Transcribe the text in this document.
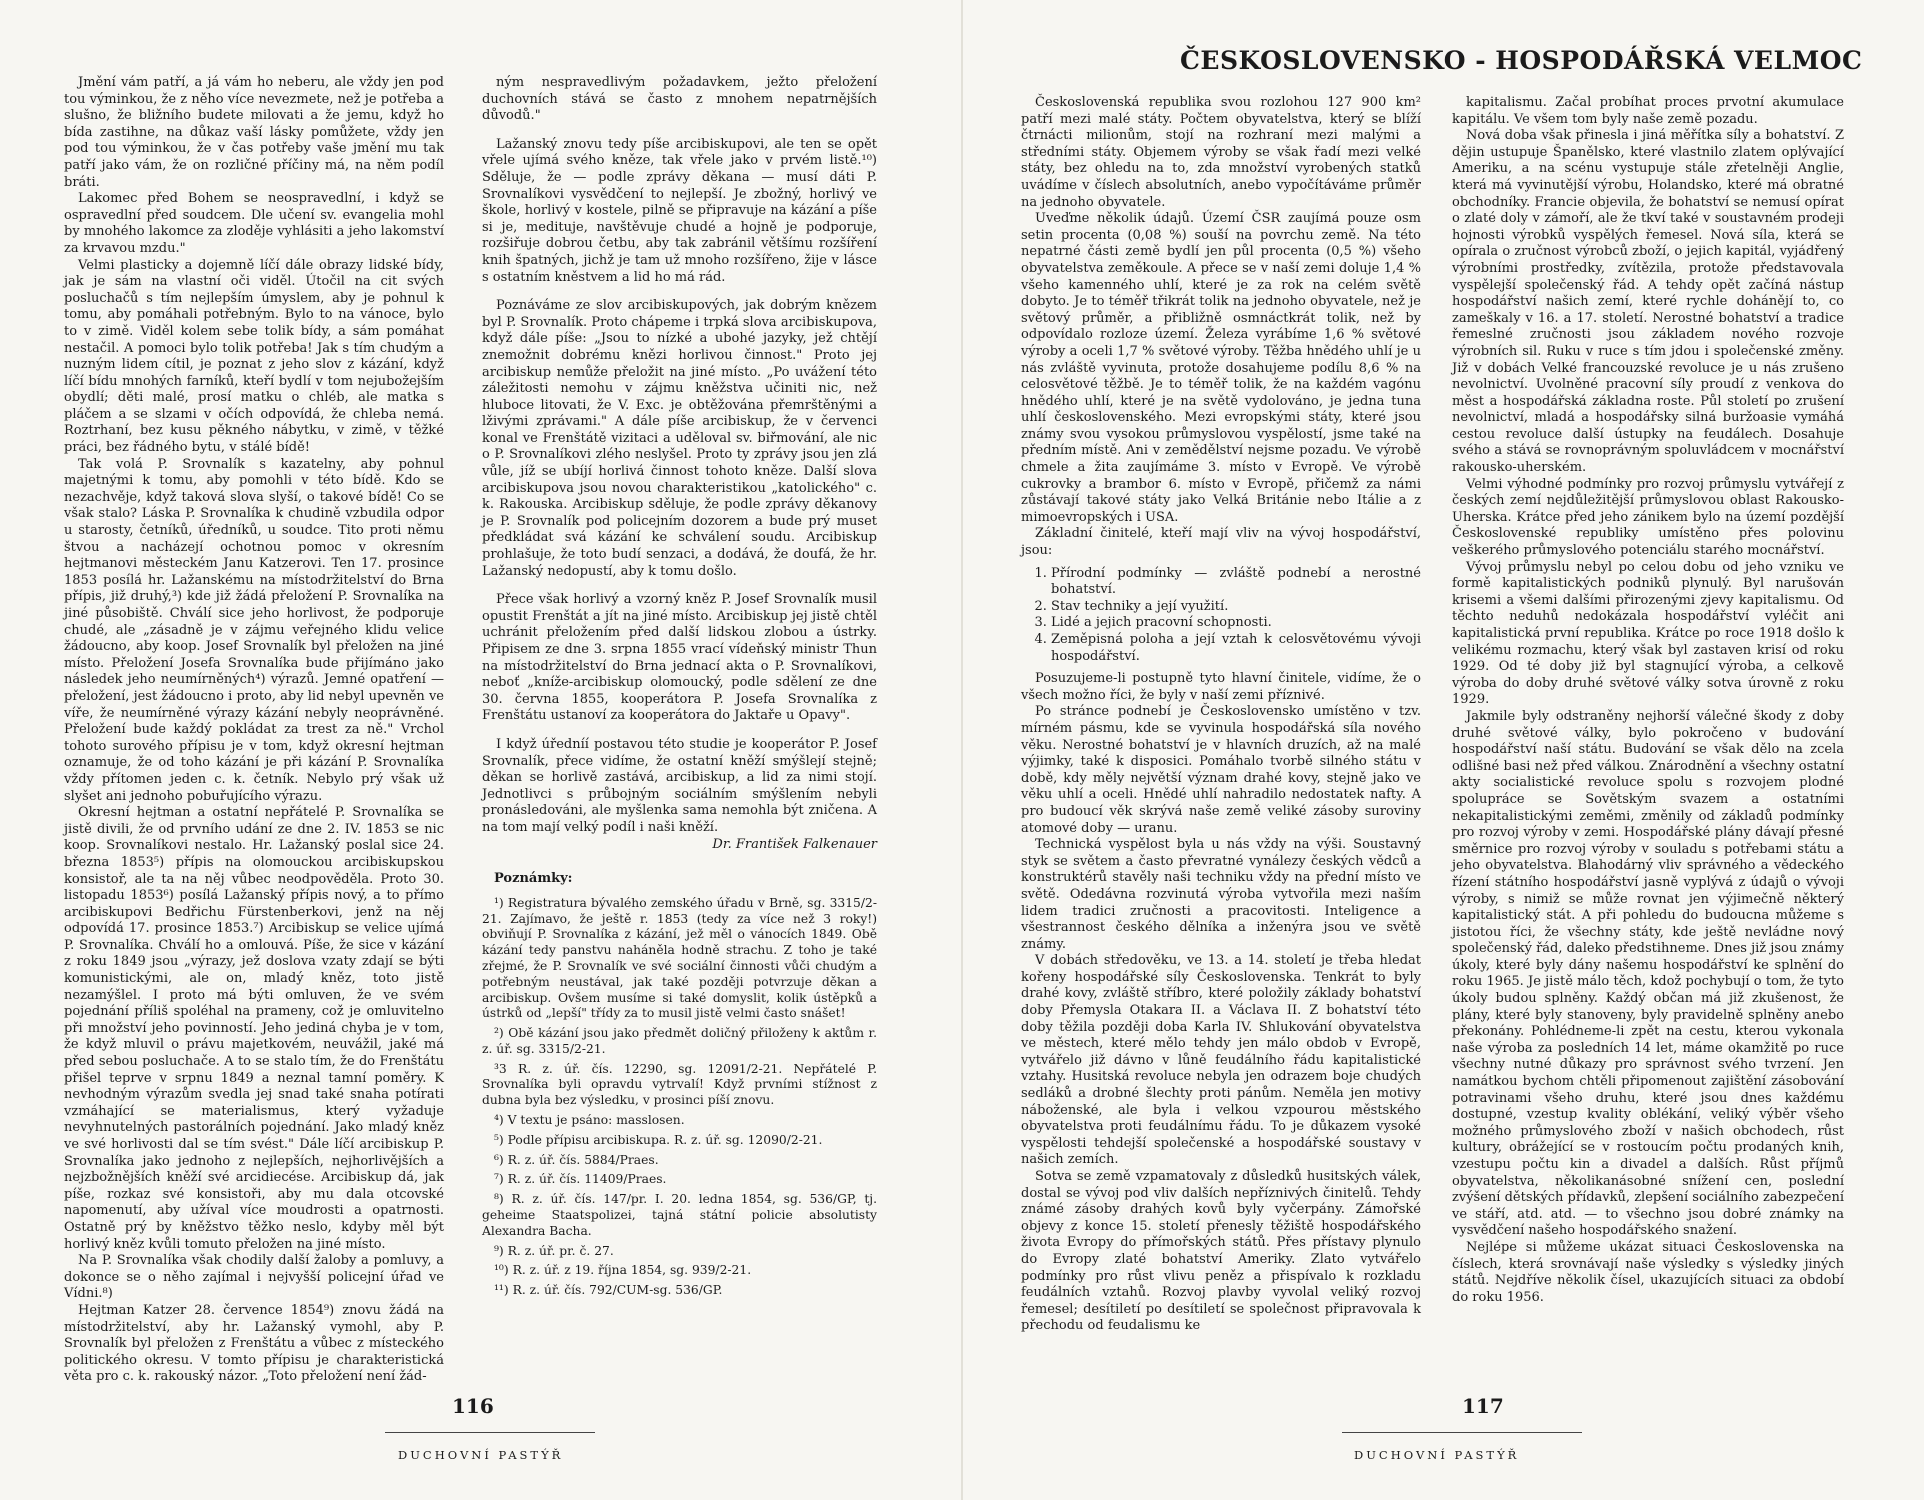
Jmění vám patří, a já vám ho neberu, ale vždy jen pod tou výminkou, že z něho více nevezmete, než je potřeba a slušno, že bližního budete milovati a že jemu, když ho bída zastihne, na důkaz vaší lásky pomůžete, vždy jen pod tou výminkou, že v čas potřeby vaše jmění mu tak patří jako vám, že on rozličné příčiny má, na něm podíl bráti.

Lakomec před Bohem se neospravedlní, i když se ospravedlní před soudcem. Dle učení sv. evangelia mohl by mnohého lakomce za zloděje vyhlásiti a jeho lakomství za krvavou mzdu."

Velmi plasticky a dojemně líčí dále obrazy lidské bídy, jak je sám na vlastní oči viděl. Útočil na cit svých posluchačů s tím nejlepším úmyslem, aby je pohnul k tomu, aby pomáhali potřebným. Bylo to na vánoce, bylo to v zimě. Viděl kolem sebe tolik bídy, a sám pomáhat nestačil. A pomoci bylo tolik potřeba! Jak s tím chudým a nuzným lidem cítil, je poznat z jeho slov z kázání, když líčí bídu mnohých farníků, kteří bydlí v tom nejubožejším obydlí; děti malé, prosí matku o chléb, ale matka s pláčem a se slzami v očích odpovídá, že chleba nemá. Roztrhaní, bez kusu pěkného nábytku, v zimě, v těžké práci, bez řádného bytu, v stálé bídě!

Tak volá P. Srovnalík s kazatelny, aby pohnul majetnými k tomu, aby pomohli v této bídě. Kdo se nezachvěje, když taková slova slyší, o takové bídě! Co se však stalo? Láska P. Srovnalíka k chudině vzbudila odpor u starosty, četníků, úředníků, u soudce. Tito proti němu štvou a nacházejí ochotnou pomoc v okresním hejtmanovi městeckém Janu Katzerovi. Ten 17. prosince 1853 posílá hr. Lažanskému na místodržitelství do Brna přípis, již druhý,³) kde již žádá přeložení P. Srovnalíka na jiné působiště. Chválí sice jeho horlivost, že podporuje chudé, ale „zásadně je v zájmu veřejného klidu velice žádoucno, aby koop. Josef Srovnalík byl přeložen na jiné místo. Přeložení Josefa Srovnalíka bude přijímáno jako následek jeho neumírněných⁴) výrazů. Jemné opatření — přeložení, jest žádoucno i proto, aby lid nebyl upevněn ve víře, že neumírněné výrazy kázání nebyly neoprávněné. Přeložení bude každý pokládat za trest za ně." Vrchol tohoto surového přípisu je v tom, když okresní hejtman oznamuje, že od toho kázání je při kázání P. Srovnalíka vždy přítomen jeden c. k. četník. Nebylo prý však už slyšet ani jednoho pobuřujícího výrazu.

Okresní hejtman a ostatní nepřátelé P. Srovnalíka se jistě divili, že od prvního udání ze dne 2. IV. 1853 se nic koop. Srovnalíkovi nestalo. Hr. Lažanský poslal sice 24. března 1853⁵) přípis na olomouckou arcibiskupskou konsistoř, ale ta na něj vůbec neodpověděla. Proto 30. listopadu 1853⁶) posílá Lažanský přípis nový, a to přímo arcibiskupovi Bedřichu Fürstenberkovi, jenž na něj odpovídá 17. prosince 1853.⁷) Arcibiskup se velice ujímá P. Srovnalíka. Chválí ho a omlouvá. Píše, že sice v kázání z roku 1849 jsou „výrazy, jež doslova vzaty zdají se býti komunistickými, ale on, mladý kněz, toto jistě nezamýšlel. I proto má býti omluven, že ve svém pojednání příliš spoléhal na prameny, což je omluvitelno při množství jeho povinností. Jeho jediná chyba je v tom, že když mluvil o právu majetkovém, neuvážil, jaké má před sebou posluchače. A to se stalo tím, že do Frenštátu přišel teprve v srpnu 1849 a neznal tamní poměry. K nevhodným výrazům svedla jej snad také snaha potírati vzmáhající se materialismus, který vyžaduje nevyhnutelných pastorálních pojednání. Jako mladý kněz ve své horlivosti dal se tím svést." Dále líčí arcibiskup P. Srovnalíka jako jednoho z nejlepších, nejhorlivějších a nejzbožnějších kněží své arcidiecése. Arcibiskup dá, jak píše, rozkaz své konsistoři, aby mu dala otcovské napomenutí, aby užíval více moudrosti a opatrnosti. Ostatně prý by kněžstvo těžko neslo, kdyby měl být horlivý kněz kvůli tomuto přeložen na jiné místo.

Na P. Srovnalíka však chodily další žaloby a pomluvy, a dokonce se o něho zajímal i nejvyšší policejní úřad ve Vídni.⁸)

Hejtman Katzer 28. července 1854⁹) znovu žádá na místodržitelství, aby hr. Lažanský vymohl, aby P. Srovnalík byl přeložen z Frenštátu a vůbec z místeckého politického okresu. V tomto přípisu je charakteristická věta pro c. k. rakouský názor. „Toto přeložení není žád-

ným nespravedlivým požadavkem, ježto přeložení duchovních stává se často z mnohem nepatrnějších důvodů."

Lažanský znovu tedy píše arcibiskupovi, ale ten se opět vřele ujímá svého kněze, tak vřele jako v prvém listě.¹⁰) Sděluje, že — podle zprávy děkana — musí dáti P. Srovnalíkovi vysvědčení to nejlepší. Je zbožný, horlivý ve škole, horlivý v kostele, pilně se připravuje na kázání a píše si je, medituje, navštěvuje chudé a hojně je podporuje, rozšiřuje dobrou četbu, aby tak zabránil většímu rozšíření knih špatných, jichž je tam už mnoho rozšířeno, žije v lásce s ostatním kněstvem a lid ho má rád.

Poznáváme ze slov arcibiskupových, jak dobrým knězem byl P. Srovnalík. Proto chápeme i trpká slova arcibiskupova, když dále píše: „Jsou to nízké a ubohé jazyky, jež chtějí znemožnit dobrému knězi horlivou činnost." Proto jej arcibiskup nemůže přeložit na jiné místo. „Po uvážení této záležitosti nemohu v zájmu kněžstva učiniti nic, než hluboce litovati, že V. Exc. je obtěžována přemrštěnými a lživými zprávami." A dále píše arcibiskup, že v červenci konal ve Frenštátě vizitaci a uděloval sv. biřmování, ale nic o P. Srovnalíkovi zlého neslyšel. Proto ty zprávy jsou jen zlá vůle, jíž se ubíjí horlivá činnost tohoto kněze. Další slova arcibiskupova jsou novou charakteristikou „katolického" c. k. Rakouska. Arcibiskup sděluje, že podle zprávy děkanovy je P. Srovnalík pod policejním dozorem a bude prý muset předkládat svá kázání ke schválení soudu. Arcibiskup prohlašuje, že toto budí senzaci, a dodává, že doufá, že hr. Lažanský nedopustí, aby k tomu došlo.

Přece však horlivý a vzorný kněz P. Josef Srovnalík musil opustit Frenštát a jít na jiné místo. Arcibiskup jej jistě chtěl uchránit přeložením před další lidskou zlobou a ústrky. Připisem ze dne 3. srpna 1855 vrací vídeňský ministr Thun na místodržitelství do Brna jednací akta o P. Srovnalíkovi, neboť „kníže-arcibiskup olomoucký, podle sdělení ze dne 30. června 1855, kooperátora P. Josefa Srovnalíka z Frenštátu ustanoví za kooperátora do Jaktaře u Opavy".

I když úředníí postavou této studie je kooperátor P. Josef Srovnalík, přece vidíme, že ostatní kněží smýšlejí stejně; děkan se horlivě zastává, arcibiskup, a lid za nimi stojí. Jednotlivci s průbojným sociálním smýšlením nebyli pronásledováni, ale myšlenka sama nemohla být zničena. A na tom mají velký podíl i naši kněží.

Dr. František Falkenauer
Poznámky:
¹) Registratura bývalého zemského úřadu v Brně, sg. 3315/2-21. Zajímavo, že ještě r. 1853 (tedy za více než 3 roky!) obviňují P. Srovnalíka z kázání, jež měl o vánocích 1849. Obě kázání tedy panstvu naháněla hodně strachu. Z toho je také zřejmé, že P. Srovnalík ve své sociální činnosti vůči chudým a potřebným neustával, jak také později potvrzuje děkan a arcibiskup. Ovšem musíme si také domyslit, kolik ústěpků a ústrků od „lepší" třídy za to musil jistě velmi často snášet!
²) Obě kázání jsou jako předmět doličný přiloženy k aktům r. z. úř. sg. 3315/2-21.
³3 R. z. úř. čís. 12290, sg. 12091/2-21. Nepřátelé P. Srovnalíka byli opravdu vytrvalí! Když prvními stížnost z dubna byla bez výsledku, v prosinci píší znovu.
⁴) V textu je psáno: masslosen.
⁵) Podle přípisu arcibiskupa. R. z. úř. sg. 12090/2-21.
⁶) R. z. úř. čís. 5884/Praes.
⁷) R. z. úř. čís. 11409/Praes.
⁸) R. z. úř. čís. 147/pr. I. 20. ledna 1854, sg. 536/GP, tj. geheime Staatspolizei, tajná státní policie absolutisty Alexandra Bacha.
⁹) R. z. úř. pr. č. 27.
¹⁰) R. z. úř. z 19. října 1854, sg. 939/2-21.
¹¹) R. z. úř. čís. 792/CUM-sg. 536/GP.
116
DUCHOVNÍ PASTÝŘ
ČESKOSLOVENSKO - HOSPODÁŘSKÁ VELMOC

Československá republika svou rozlohou 127 900 km² patří mezi malé státy. Počtem obyvatelstva, který se blíží čtrnácti milionům, stojí na rozhraní mezi malými a středními státy. Objemem výroby se však řadí mezi velké státy, bez ohledu na to, zda množství vyrobených statků uvádíme v číslech absolutních, anebo vypočítáváme průměr na jednoho obyvatele.

Uveďme několik údajů. Území ČSR zaujímá pouze osm setin procenta (0,08 %) souší na povrchu země. Na této nepatrné části země bydlí jen půl procenta (0,5 %) všeho obyvatelstva zeměkoule. A přece se v naší zemi doluje 1,4 % všeho kamenného uhlí, které je za rok na celém světě dobyto. Je to téměř třikrát tolik na jednoho obyvatele, než je světový průměr, a přibližně osmnáctkrát tolik, než by odpovídalo rozloze území. Železa vyrábíme 1,6 % světové výroby a oceli 1,7 % světové výroby. Těžba hnědého uhlí je u nás zvláště vyvinuta, protože dosahujeme podílu 8,6 % na celosvětové těžbě. Je to téměř tolik, že na každém vagónu hnědého uhlí, které je na světě vydolováno, je jedna tuna uhlí československého. Mezi evropskými státy, které jsou známy svou vysokou průmyslovou vyspělostí, jsme také na předním místě. Ani v zemědělství nejsme pozadu. Ve výrobě chmele a žita zaujímáme 3. místo v Evropě. Ve výrobě cukrovky a brambor 6. místo v Evropě, přičemž za námi zůstávají takové státy jako Velká Británie nebo Itálie a z mimoevropských i USA.

Základní činitelé, kteří mají vliv na vývoj hospodářství, jsou:

1. Přírodní podmínky — zvláště podnebí a nerostné bohatství.
2. Stav techniky a její využití.
3. Lidé a jejich pracovní schopnosti.
4. Zeměpisná poloha a její vztah k celosvětovému vývoji hospodářství.

Posuzujeme-li postupně tyto hlavní činitele, vidíme, že o všech možno říci, že byly v naší zemi příznivé.

Po stránce podnebí je Československo umístěno v tzv. mírném pásmu, kde se vyvinula hospodářská síla nového věku. Nerostné bohatství je v hlavních druzích, až na malé výjimky, také k disposici. Pomáhalo tvorbě silného státu v době, kdy měly největší význam drahé kovy, stejně jako ve věku uhlí a oceli. Hnědé uhlí nahradilo nedostatek nafty. A pro budoucí věk skrývá naše země veliké zásoby suroviny atomové doby — uranu.

Technická vyspělost byla u nás vždy na výši. Soustavný styk se světem a často převratné vynálezy českých vědců a konstruktérů stavěly naši techniku vždy na přední místo ve světě. Odedávna rozvinutá výroba vytvořila mezi naším lidem tradici zručnosti a pracovitosti. Inteligence a všestrannost českého dělníka a inženýra jsou ve světě známy.

V dobách středověku, ve 13. a 14. století je třeba hledat kořeny hospodářské síly Československa. Tenkrát to byly drahé kovy, zvláště stříbro, které položily základy bohatství doby Přemysla Otakara II. a Václava II. Z bohatství této doby těžila později doba Karla IV. Shlukování obyvatelstva ve městech, které mělo tehdy jen málo obdob v Evropě, vytvářelo již dávno v lůně feudálního řádu kapitalistické vztahy. Husitská revoluce nebyla jen odrazem boje chudých sedláků a drobné šlechty proti pánům. Neměla jen motivy náboženské, ale byla i velkou vzpourou městského obyvatelstva proti feudálnímu řádu. To je důkazem vysoké vyspělosti tehdejší společenské a hospodářské soustavy v našich zemích.

Sotva se země vzpamatovaly z důsledků husitských válek, dostal se vývoj pod vliv dalších nepříznivých činitelů. Tehdy známé zásoby drahých kovů byly vyčerpány. Zámořské objevy z konce 15. století přenesly těžiště hospodářského života Evropy do přímořských států. Přes přístavy plynulo do Evropy zlaté bohatství Ameriky. Zlato vytvářelo podmínky pro růst vlivu peněz a přispívalo k rozkladu feudálních vztahů. Rozvoj plavby vyvolal veliký rozvoj řemesel; desítiletí po desítiletí se společnost připravovala k přechodu od feudalismu ke

kapitalismu. Začal probíhat proces prvotní akumulace kapitálu. Ve všem tom byly naše země pozadu.

Nová doba však přinesla i jiná měřítka síly a bohatství. Z dějin ustupuje Španělsko, které vlastnilo zlatem oplývající Ameriku, a na scénu vystupuje stále zřetelněji Anglie, která má vyvinutější výrobu, Holandsko, které má obratné obchodníky. Francie objevila, že bohatství se nemusí opírat o zlaté doly v zámoří, ale že tkví také v soustavném prodeji hojnosti výrobků vyspělých řemesel. Nová síla, která se opírala o zručnost výrobců zboží, o jejich kapitál, vyjádřený výrobními prostředky, zvítězila, protože představovala vyspělejší společenský řád. A tehdy opět začíná nástup hospodářství našich zemí, které rychle dohánějí to, co zameškaly v 16. a 17. století. Nerostné bohatství a tradice řemeslné zručnosti jsou základem nového rozvoje výrobních sil. Ruku v ruce s tím jdou i společenské změny. Již v dobách Velké francouzské revoluce je u nás zrušeno nevolnictví. Uvolněné pracovní síly proudí z venkova do měst a hospodářská základna roste. Půl století po zrušení nevolnictví, mladá a hospodářsky silná buržoasie vymáhá cestou revoluce další ústupky na feudálech. Dosahuje svého a stává se rovnoprávným spoluvládcem v mocnářství rakousko-uherském.

Velmi výhodné podmínky pro rozvoj průmyslu vytvářejí z českých zemí nejdůležitější průmyslovou oblast Rakousko-Uherska. Krátce před jeho zánikem bylo na území pozdější Československé republiky umístěno přes polovinu veškerého průmyslového potenciálu starého mocnářství.

Vývoj průmyslu nebyl po celou dobu od jeho vzniku ve formě kapitalistických podniků plynulý. Byl narušován krisemi a všemi dalšími přirozenými zjevy kapitalismu. Od těchto neduhů nedokázala hospodářství vyléčit ani kapitalistická první republika. Krátce po roce 1918 došlo k velikému rozmachu, který však byl zastaven krisí od roku 1929. Od té doby již byl stagnující výroba, a celkově výroba do doby druhé světové války sotva úrovně z roku 1929.

Jakmile byly odstraněny nejhorší válečné škody z doby druhé světové války, bylo pokročeno v budování hospodářství naší státu. Budování se však dělo na zcela odlišné basi než před válkou. Znárodnění a všechny ostatní akty socialistické revoluce spolu s rozvojem plodné spolupráce se Sovětským svazem a ostatními nekapitalistickými zeměmi, změnily od základů podmínky pro rozvoj výroby v zemi. Hospodářské plány dávají přesné směrnice pro rozvoj výroby v souladu s potřebami státu a jeho obyvatelstva. Blahodárný vliv správného a vědeckého řízení státního hospodářství jasně vyplývá z údajů o vývoji výroby, s nimiž se může rovnat jen výjimečně některý kapitalistický stát. A při pohledu do budoucna můžeme s jistotou říci, že všechny státy, kde ještě nevládne nový společenský řád, daleko předstihneme. Dnes již jsou známy úkoly, které byly dány našemu hospodářství ke splnění do roku 1965. Je jistě málo těch, kdož pochybují o tom, že tyto úkoly budou splněny. Každý občan má již zkušenost, že plány, které byly stanoveny, byly pravidelně splněny anebo překonány. Pohlédneme-li zpět na cestu, kterou vykonala naše výroba za posledních 14 let, máme okamžitě po ruce všechny nutné důkazy pro správnost svého tvrzení. Jen namátkou bychom chtěli připomenout zajištění zásobování potravinami všeho druhu, které jsou dnes každému dostupné, vzestup kvality oblékání, veliký výběr všeho možného průmyslového zboží v našich obchodech, růst kultury, obrážející se v rostoucím počtu prodaných knih, vzestupu počtu kin a divadel a dalších. Růst příjmů obyvatelstva, několikanásobné snížení cen, poslední zvýšení dětských přídavků, zlepšení sociálního zabezpečení ve stáří, atd. atd. — to všechno jsou dobré známky na vysvědčení našeho hospodářského snažení.

Nejlépe si můžeme ukázat situaci Československa na číslech, která srovnávají naše výsledky s výsledky jiných států. Nejdříve několik čísel, ukazujících situaci za období do roku 1956.

117
DUCHOVNÍ PASTÝŘ
